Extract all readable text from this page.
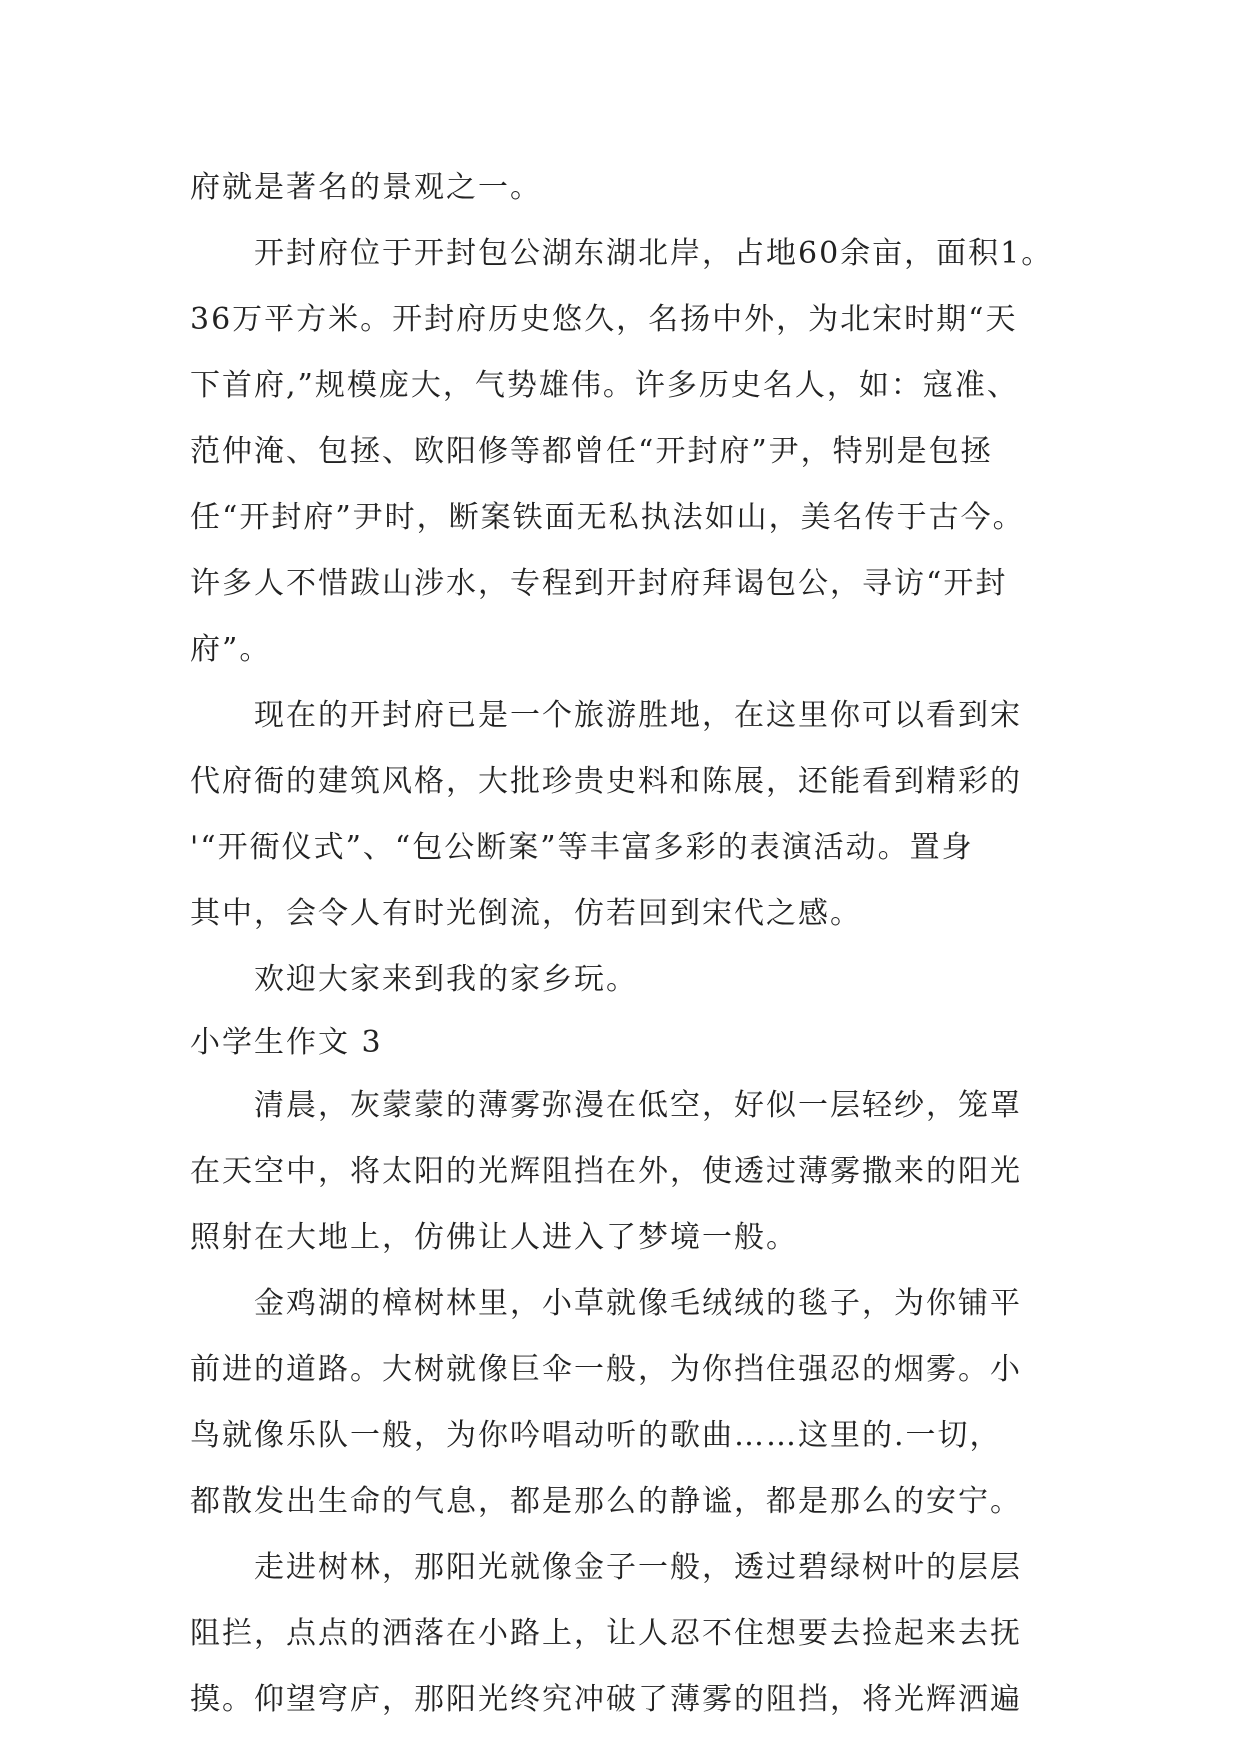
府就是著名的景观之一。
开封府位于开封包公湖东湖北岸，占地60余亩，面积1。
36万平方米。开封府历史悠久，名扬中外，为北宋时期“天
下首府,”规模庞大，气势雄伟。许多历史名人，如：寇准、
范仲淹、包拯、欧阳修等都曾任“开封府”尹，特别是包拯
任“开封府”尹时，断案铁面无私执法如山，美名传于古今。
许多人不惜跋山涉水，专程到开封府拜谒包公，寻访“开封
府”。
现在的开封府已是一个旅游胜地，在这里你可以看到宋
代府衙的建筑风格，大批珍贵史料和陈展，还能看到精彩的
'“开衙仪式”、“包公断案”等丰富多彩的表演活动。置身
其中，会令人有时光倒流，仿若回到宋代之感。
欢迎大家来到我的家乡玩。
小学生作文 3
清晨，灰蒙蒙的薄雾弥漫在低空，好似一层轻纱，笼罩
在天空中，将太阳的光辉阻挡在外，使透过薄雾撒来的阳光
照射在大地上，仿佛让人进入了梦境一般。
金鸡湖的樟树林里，小草就像毛绒绒的毯子，为你铺平
前进的道路。大树就像巨伞一般，为你挡住强忍的烟雾。小
鸟就像乐队一般，为你吟唱动听的歌曲……这里的.一切，
都散发出生命的气息，都是那么的静谧，都是那么的安宁。
走进树林，那阳光就像金子一般，透过碧绿树叶的层层
阻拦，点点的洒落在小路上，让人忍不住想要去捡起来去抚
摸。仰望穹庐，那阳光终究冲破了薄雾的阻挡，将光辉洒遍
